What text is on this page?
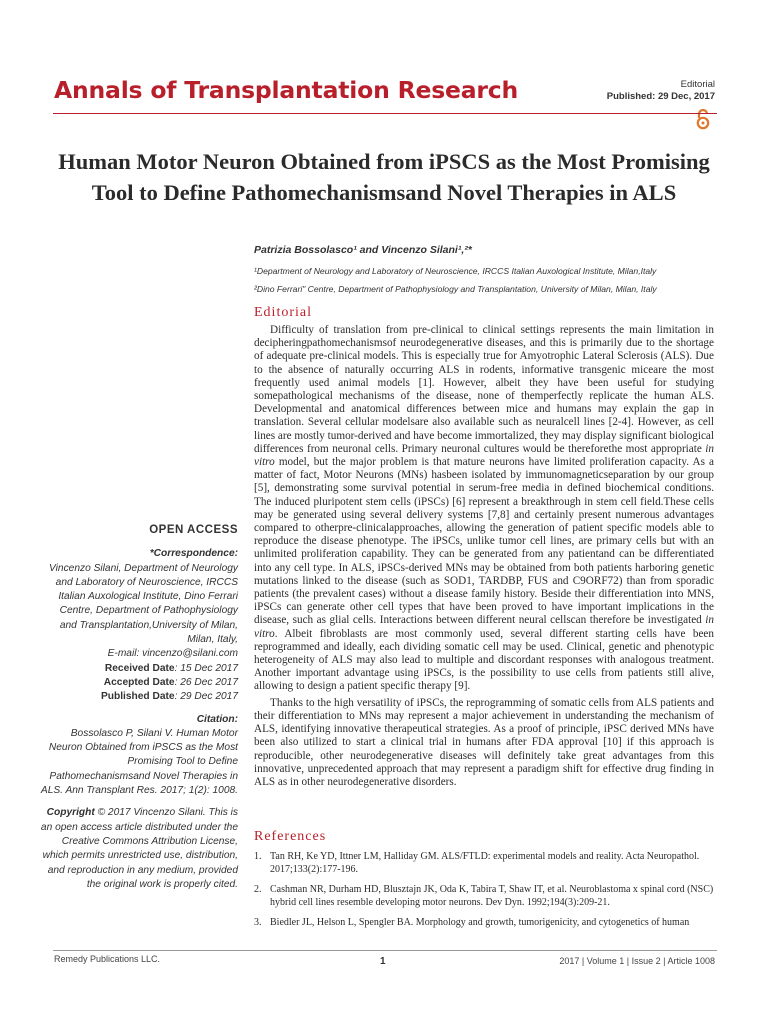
Annals of Transplantation Research	Editorial
Published: 29 Dec, 2017
Human Motor Neuron Obtained from iPSCS as the Most Promising Tool to Define Pathomechanismsand Novel Therapies in ALS
Patrizia Bossolasco¹ and Vincenzo Silani¹,²*
¹Department of Neurology and Laboratory of Neuroscience, IRCCS Italian Auxological Institute, Milan,Italy
²Dino Ferrari" Centre, Department of Pathophysiology and Transplantation, University of Milan, Milan, Italy
Editorial

Difficulty of translation from pre-clinical to clinical settings represents the main limitation in decipheringpathomechanismsof neurodegenerative diseases, and this is primarily due to the shortage of adequate pre-clinical models. This is especially true for Amyotrophic Lateral Sclerosis (ALS). Due to the absence of naturally occurring ALS in rodents, informative transgenic miceare the most frequently used animal models [1]. However, albeit they have been useful for studying somepathological mechanisms of the disease, none of themperfectly replicate the human ALS. Developmental and anatomical differences between mice and humans may explain the gap in translation. Several cellular modelsare also available such as neuralcell lines [2-4]. However, as cell lines are mostly tumor-derived and have become immortalized, they may display significant biological differences from neuronal cells. Primary neuronal cultures would be thereforethe most appropriate in vitro model, but the major problem is that mature neurons have limited proliferation capacity. As a matter of fact, Motor Neurons (MNs) hasbeen isolated by immunomagneticseparation by our group [5], demonstrating some survival potential in serum-free media in defined biochemical conditions. The induced pluripotent stem cells (iPSCs) [6] represent a breakthrough in stem cell field.These cells may be generated using several delivery systems [7,8] and certainly present numerous advantages compared to otherpre-clinicalapproaches, allowing the generation of patient specific models able to reproduce the disease phenotype. The iPSCs, unlike tumor cell lines, are primary cells but with an unlimited proliferation capability. They can be generated from any patientand can be differentiated into any cell type. In ALS, iPSCs-derived MNs may be obtained from both patients harboring genetic mutations linked to the disease (such as SOD1, TARDBP, FUS and C9ORF72) than from sporadic patients (the prevalent cases) without a disease family history. Beside their differentiation into MNS, iPSCs can generate other cell types that have been proved to have important implications in the disease, such as glial cells. Interactions between different neural cellscan therefore be investigated in vitro. Albeit fibroblasts are most commonly used, several different starting cells have been reprogrammed and ideally, each dividing somatic cell may be used. Clinical, genetic and phenotypic heterogeneity of ALS may also lead to multiple and discordant responses with analogous treatment. Another important advantage using iPSCs, is the possibility to use cells from patients still alive, allowing to design a patient specific therapy [9].

Thanks to the high versatility of iPSCs, the reprogramming of somatic cells from ALS patients and their differentiation to MNs may represent a major achievement in understanding the mechanism of ALS, identifying innovative therapeutical strategies. As a proof of principle, iPSC derived MNs have been also utilized to start a clinical trial in humans after FDA approval [10] if this approach is reproducible, other neurodegenerative diseases will definitely take great advantages from this innovative, unprecedented approach that may represent a paradigm shift for effective drug finding in ALS as in other neurodegenerative disorders.

References
1. Tan RH, Ke YD, Ittner LM, Halliday GM. ALS/FTLD: experimental models and reality. Acta Neuropathol. 2017;133(2):177-196.
2. Cashman NR, Durham HD, Blusztajn JK, Oda K, Tabira T, Shaw IT, et al. Neuroblastoma x spinal cord (NSC) hybrid cell lines resemble developing motor neurons. Dev Dyn. 1992;194(3):209-21.
3. Biedler JL, Helson L, Spengler BA. Morphology and growth, tumorigenicity, and cytogenetics of human
OPEN ACCESS
*Correspondence:
Vincenzo Silani, Department of Neurology and Laboratory of Neuroscience, IRCCS Italian Auxological Institute, Dino Ferrari Centre, Department of Pathophysiology and Transplantation,University of Milan, Milan, Italy,
E-mail: vincenzo@silani.com
Received Date: 15 Dec 2017
Accepted Date: 26 Dec 2017
Published Date: 29 Dec 2017
Citation:
Bossolasco P, Silani V. Human Motor Neuron Obtained from iPSCS as the Most Promising Tool to Define Pathomechanismsand Novel Therapies in ALS. Ann Transplant Res. 2017; 1(2): 1008.
Copyright © 2017 Vincenzo Silani. This is an open access article distributed under the Creative Commons Attribution License, which permits unrestricted use, distribution, and reproduction in any medium, provided the original work is properly cited.
Remedy Publications LLC.	1	2017 | Volume 1 | Issue 2 | Article 1008
